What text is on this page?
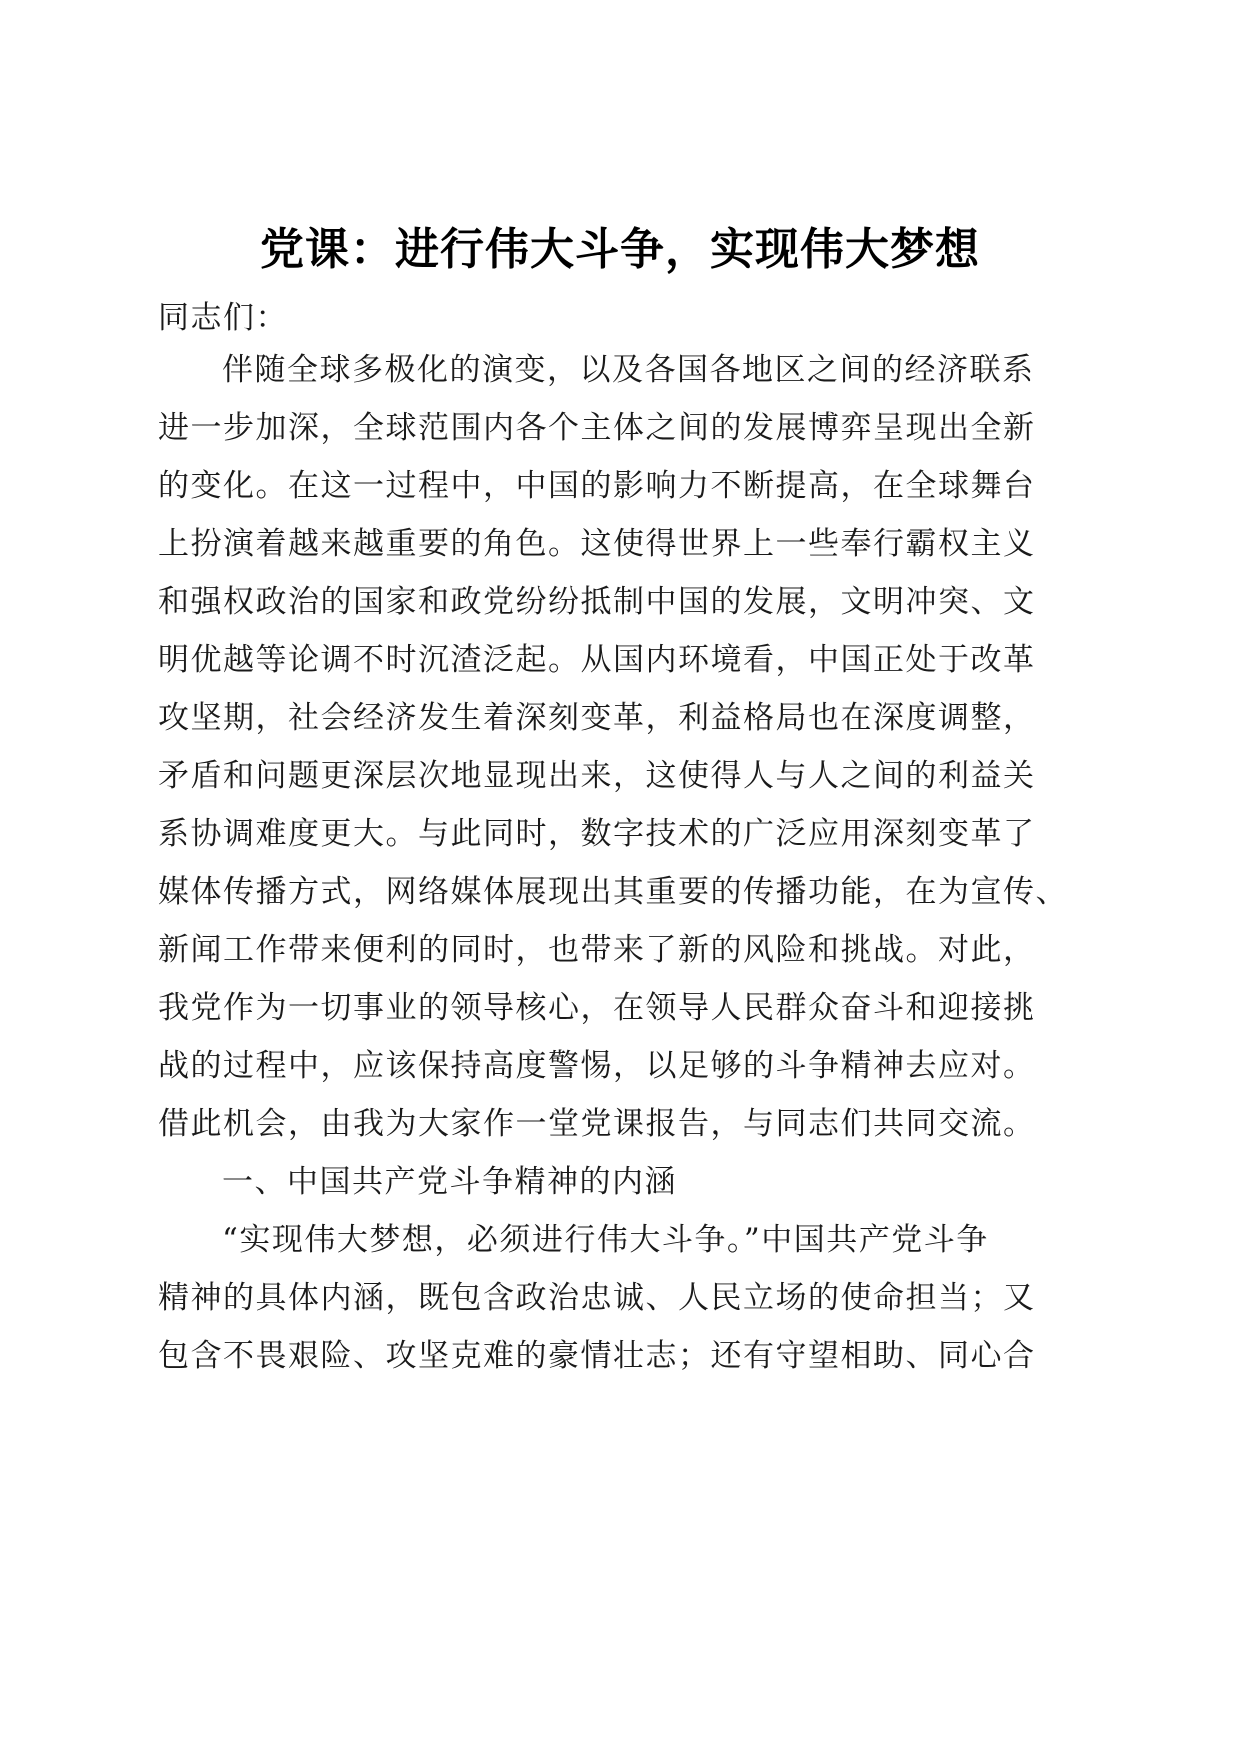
党课：进行伟大斗争，实现伟大梦想
同志们：
伴随全球多极化的演变，以及各国各地区之间的经济联系
进一步加深，全球范围内各个主体之间的发展博弈呈现出全新
的变化。在这一过程中，中国的影响力不断提高，在全球舞台
上扮演着越来越重要的角色。这使得世界上一些奉行霸权主义
和强权政治的国家和政党纷纷抵制中国的发展，文明冲突、文
明优越等论调不时沉渣泛起。从国内环境看，中国正处于改革
攻坚期，社会经济发生着深刻变革，利益格局也在深度调整，
矛盾和问题更深层次地显现出来，这使得人与人之间的利益关
系协调难度更大。与此同时，数字技术的广泛应用深刻变革了
媒体传播方式，网络媒体展现出其重要的传播功能，在为宣传、
新闻工作带来便利的同时，也带来了新的风险和挑战。对此，
我党作为一切事业的领导核心，在领导人民群众奋斗和迎接挑
战的过程中，应该保持高度警惕，以足够的斗争精神去应对。
借此机会，由我为大家作一堂党课报告，与同志们共同交流。
一、中国共产党斗争精神的内涵
“实现伟大梦想，必须进行伟大斗争。”中国共产党斗争
精神的具体内涵，既包含政治忠诚、人民立场的使命担当；又
包含不畏艰险、攻坚克难的豪情壮志；还有守望相助、同心合
